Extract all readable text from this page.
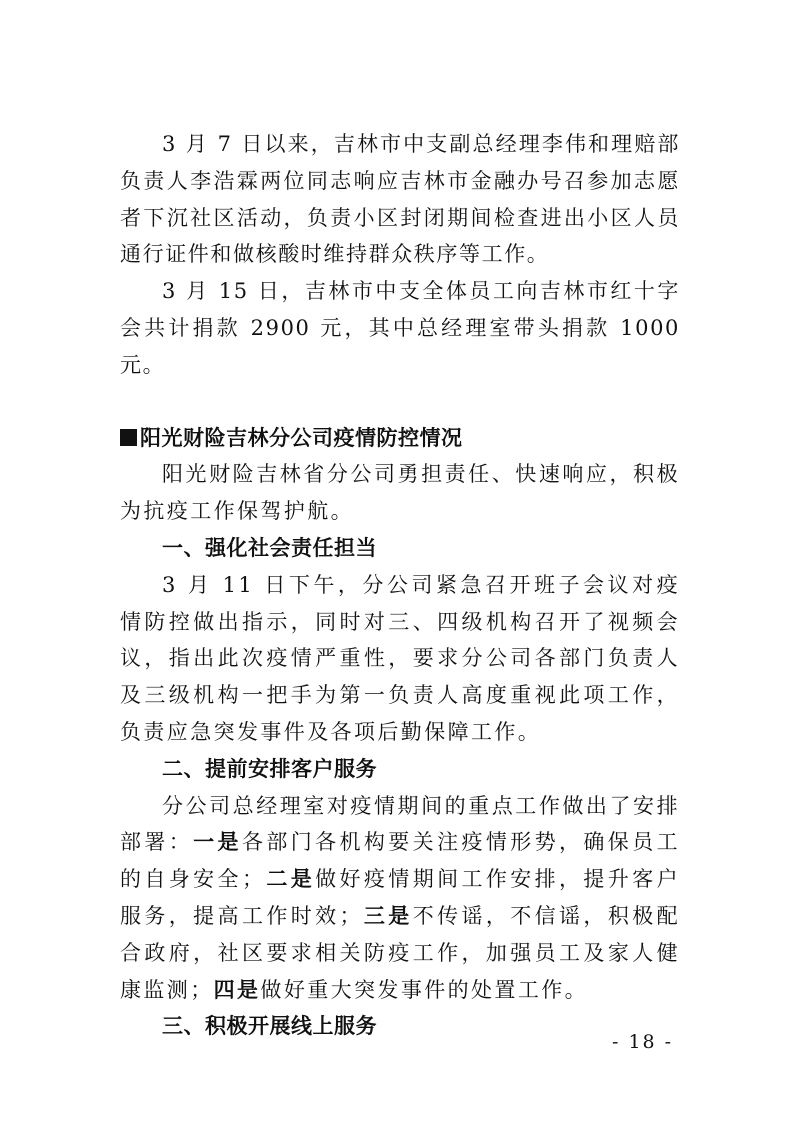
3 月 7 日以来，吉林市中支副总经理李伟和理赔部负责人李浩霖两位同志响应吉林市金融办号召参加志愿者下沉社区活动，负责小区封闭期间检查进出小区人员通行证件和做核酸时维持群众秩序等工作。

3 月 15 日，吉林市中支全体员工向吉林市红十字会共计捐款 2900 元，其中总经理室带头捐款 1000 元。

阳光财险吉林分公司疫情防控情况

阳光财险吉林省分公司勇担责任、快速响应，积极为抗疫工作保驾护航。

一、强化社会责任担当

3 月 11 日下午，分公司紧急召开班子会议对疫情防控做出指示，同时对三、四级机构召开了视频会议，指出此次疫情严重性，要求分公司各部门负责人及三级机构一把手为第一负责人高度重视此项工作，负责应急突发事件及各项后勤保障工作。

二、提前安排客户服务

分公司总经理室对疫情期间的重点工作做出了安排部署：一是各部门各机构要关注疫情形势，确保员工的自身安全；二是做好疫情期间工作安排，提升客户服务，提高工作时效；三是不传谣，不信谣，积极配合政府，社区要求相关防疫工作，加强员工及家人健康监测；四是做好重大突发事件的处置工作。

三、积极开展线上服务

- 18 -
